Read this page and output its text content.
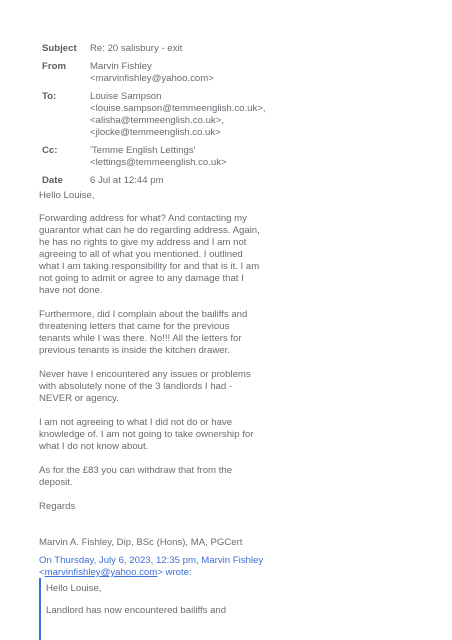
Subject	Re: 20 salisbury - exit
From	Marvin Fishley
<marvinfishley@yahoo.com>
To:	Louise Sampson
<louise.sampson@temmeenglish.co.uk>,
<alisha@temmeenglish.co.uk>,
<jlocke@temmeenglish.co.uk>
Cc:	'Temme English Lettings'
<lettings@temmeenglish.co.uk>
Date	6 Jul at 12:44 pm

Hello Louise,

Forwarding address for what? And contacting my

guarantor what can he do regarding address. Again,

he has no rights to give my address and I am not

agreeing to all of what you mentioned. I outlined

what I am taking responsibility for and that is it. I am

not going to admit or agree to any damage that I

have not done.

Furthermore, did I complain about the bailiffs and

threatening letters that came for the previous

tenants while I was there. No!!! All the letters for

previous tenants is inside the kitchen drawer.

Never have I encountered any issues or problems

with absolutely none of the 3 landlords I had -

NEVER or agency.

I am not agreeing to what I did not do or have

knowledge of. I am not going to take ownership for

what I do not know about.

As for the £83 you can withdraw that from the

deposit.

Regards

Marvin A. Fishley, Dip, BSc (Hons), MA, PGCert

On Thursday, July 6, 2023, 12:35 pm, Marvin Fishley
<marvinfishley@yahoo.com> wrote:

Hello Louise,

Landlord has now encountered bailiffs and
